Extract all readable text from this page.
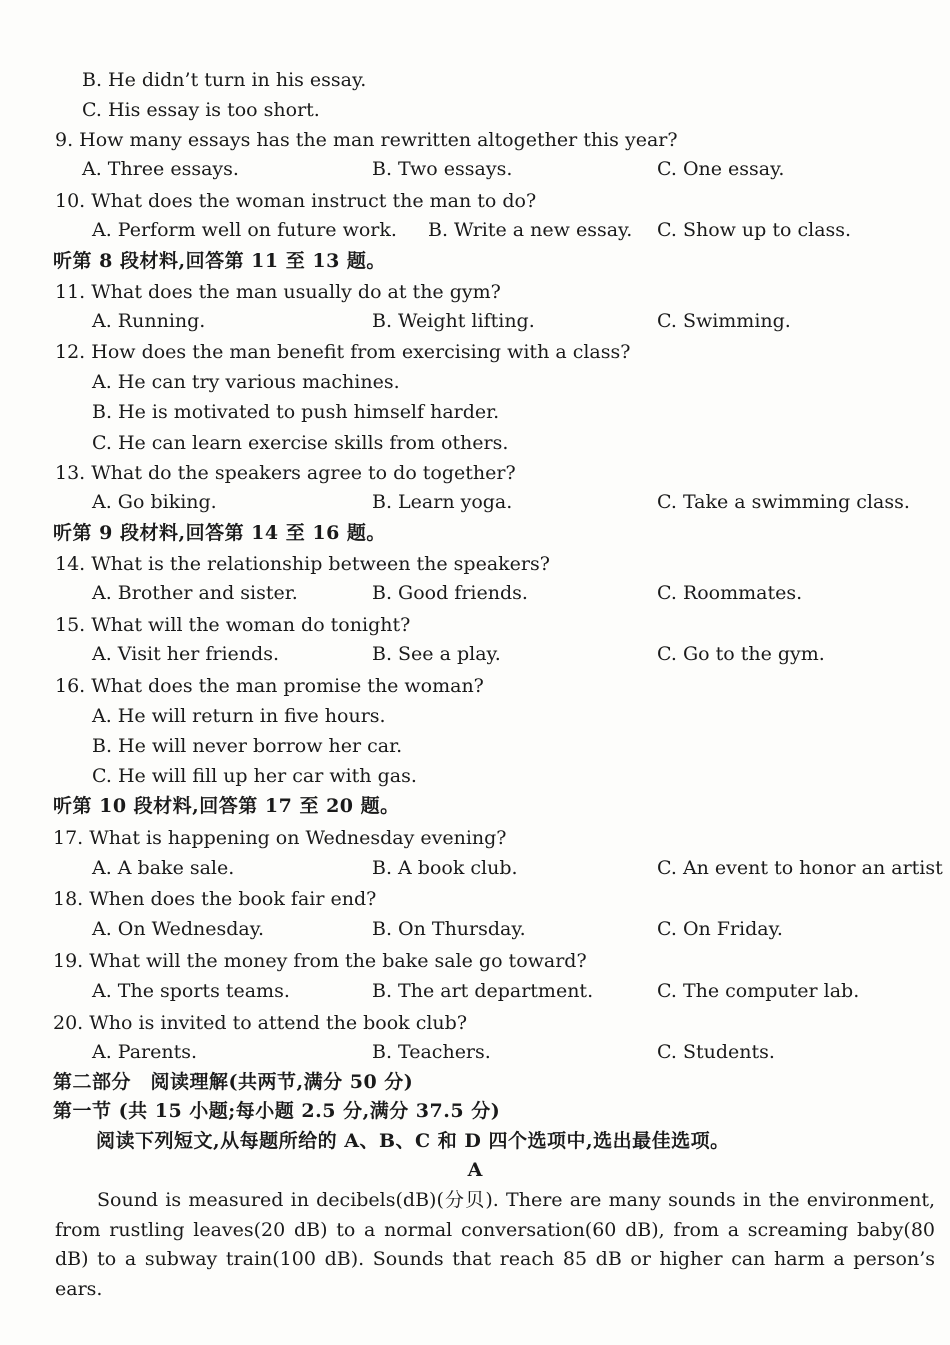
B. He didn’t turn in his essay.
C. His essay is too short.
9. How many essays has the man rewritten altogether this year?
A. Three essays.	B. Two essays.	C. One essay.
10. What does the woman instruct the man to do?
A. Perform well on future work. B. Write a new essay. C. Show up to class.
听第 8 段材料,回答第 11 至 13 题。
11. What does the man usually do at the gym?
A. Running.	B. Weight lifting.	C. Swimming.
12. How does the man benefit from exercising with a class?
A. He can try various machines.
B. He is motivated to push himself harder.
C. He can learn exercise skills from others.
13. What do the speakers agree to do together?
A. Go biking.	B. Learn yoga.	C. Take a swimming class.
听第 9 段材料,回答第 14 至 16 题。
14. What is the relationship between the speakers?
A. Brother and sister.	B. Good friends.	C. Roommates.
15. What will the woman do tonight?
A. Visit her friends.	B. See a play.	C. Go to the gym.
16. What does the man promise the woman?
A. He will return in five hours.
B. He will never borrow her car.
C. He will fill up her car with gas.
听第 10 段材料,回答第 17 至 20 题。
17. What is happening on Wednesday evening?
A. A bake sale.	B. A book club.	C. An event to honor an artist
18. When does the book fair end?
A. On Wednesday.	B. On Thursday.	C. On Friday.
19. What will the money from the bake sale go toward?
A. The sports teams.	B. The art department.	C. The computer lab.
20. Who is invited to attend the book club?
A. Parents.	B. Teachers.	C. Students.
第二部分　阅读理解(共两节,满分 50 分)
第一节 (共 15 小题;每小题 2.5 分,满分 37.5 分)
阅读下列短文,从每题所给的 A、B、C 和 D 四个选项中,选出最佳选项。
A
Sound is measured in decibels(dB)(分贝). There are many sounds in the environment, from rustling leaves(20 dB) to a normal conversation(60 dB), from a screaming baby(80 dB) to a subway train(100 dB). Sounds that reach 85 dB or higher can harm a person’s ears.
